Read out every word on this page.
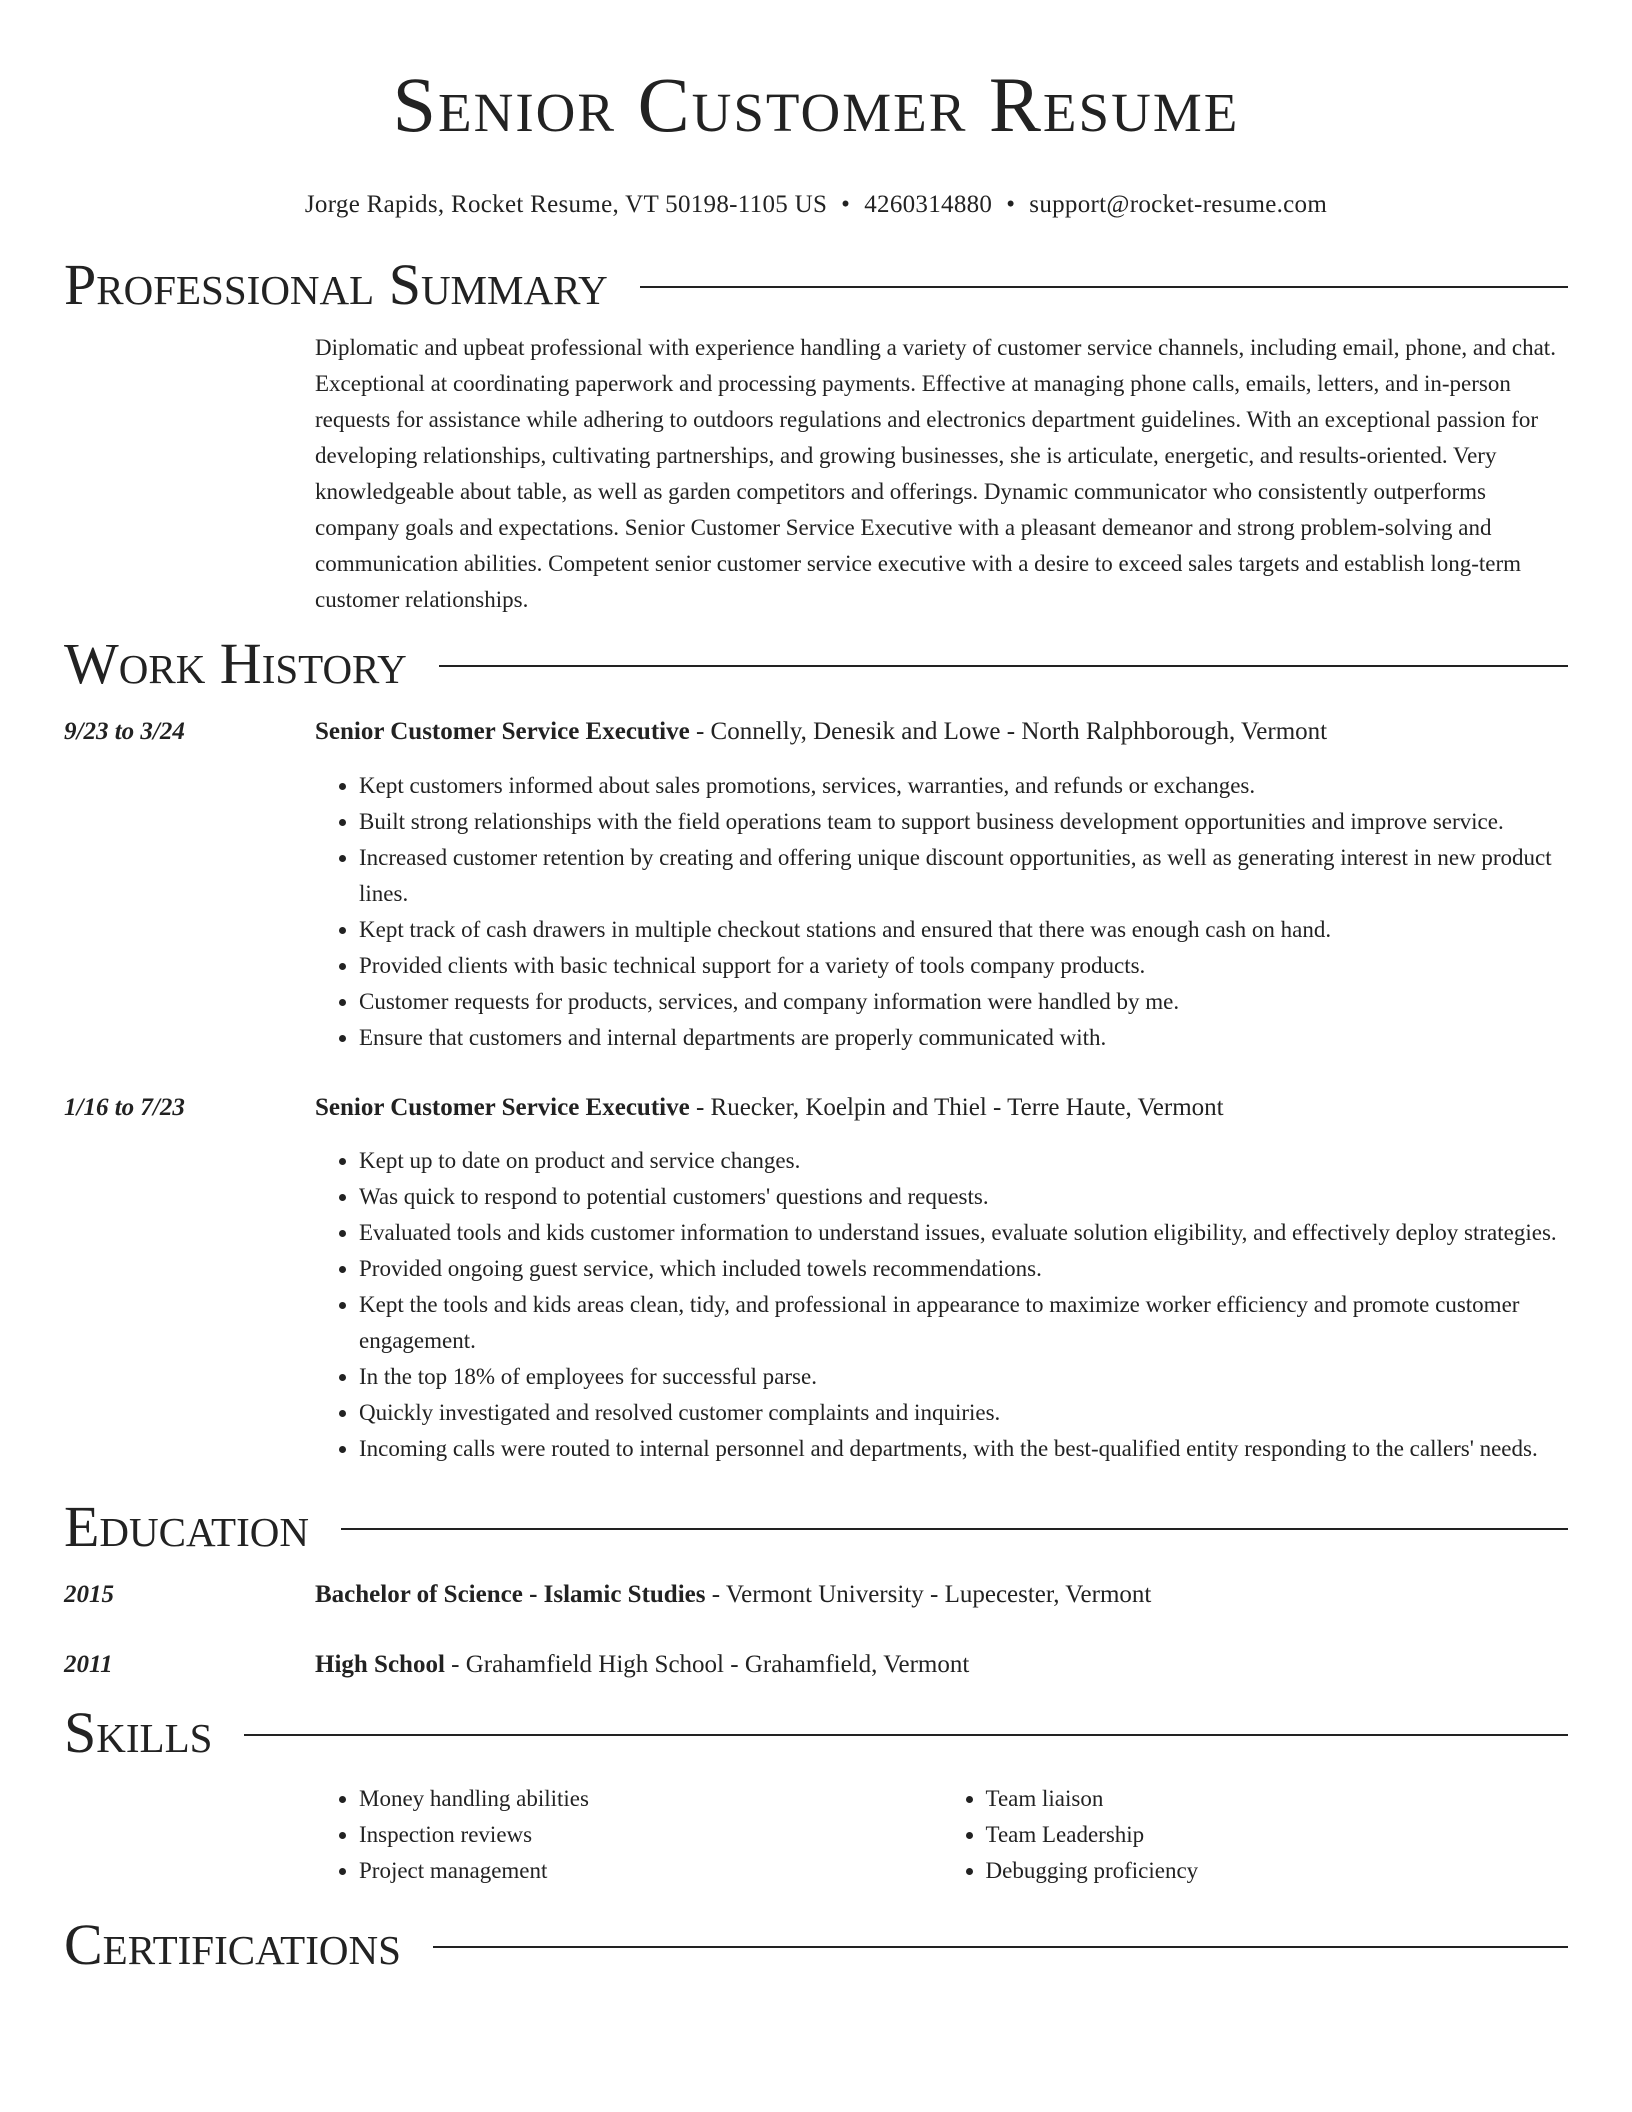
Senior Customer Resume
Jorge Rapids, Rocket Resume, VT 50198-1105 US • 4260314880 • support@rocket-resume.com
Professional Summary
Diplomatic and upbeat professional with experience handling a variety of customer service channels, including email, phone, and chat. Exceptional at coordinating paperwork and processing payments. Effective at managing phone calls, emails, letters, and in-person requests for assistance while adhering to outdoors regulations and electronics department guidelines. With an exceptional passion for developing relationships, cultivating partnerships, and growing businesses, she is articulate, energetic, and results-oriented. Very knowledgeable about table, as well as garden competitors and offerings. Dynamic communicator who consistently outperforms company goals and expectations. Senior Customer Service Executive with a pleasant demeanor and strong problem-solving and communication abilities. Competent senior customer service executive with a desire to exceed sales targets and establish long-term customer relationships.
Work History
9/23 to 3/24	Senior Customer Service Executive - Connelly, Denesik and Lowe - North Ralphborough, Vermont
• Kept customers informed about sales promotions, services, warranties, and refunds or exchanges.
• Built strong relationships with the field operations team to support business development opportunities and improve service.
• Increased customer retention by creating and offering unique discount opportunities, as well as generating interest in new product lines.
• Kept track of cash drawers in multiple checkout stations and ensured that there was enough cash on hand.
• Provided clients with basic technical support for a variety of tools company products.
• Customer requests for products, services, and company information were handled by me.
• Ensure that customers and internal departments are properly communicated with.
1/16 to 7/23	Senior Customer Service Executive - Ruecker, Koelpin and Thiel - Terre Haute, Vermont
• Kept up to date on product and service changes.
• Was quick to respond to potential customers' questions and requests.
• Evaluated tools and kids customer information to understand issues, evaluate solution eligibility, and effectively deploy strategies.
• Provided ongoing guest service, which included towels recommendations.
• Kept the tools and kids areas clean, tidy, and professional in appearance to maximize worker efficiency and promote customer engagement.
• In the top 18% of employees for successful parse.
• Quickly investigated and resolved customer complaints and inquiries.
• Incoming calls were routed to internal personnel and departments, with the best-qualified entity responding to the callers' needs.
Education
2015	Bachelor of Science - Islamic Studies - Vermont University - Lupecester, Vermont
2011	High School - Grahamfield High School - Grahamfield, Vermont
Skills
• Money handling abilities
• Inspection reviews
• Project management
• Team liaison
• Team Leadership
• Debugging proficiency
Certifications
